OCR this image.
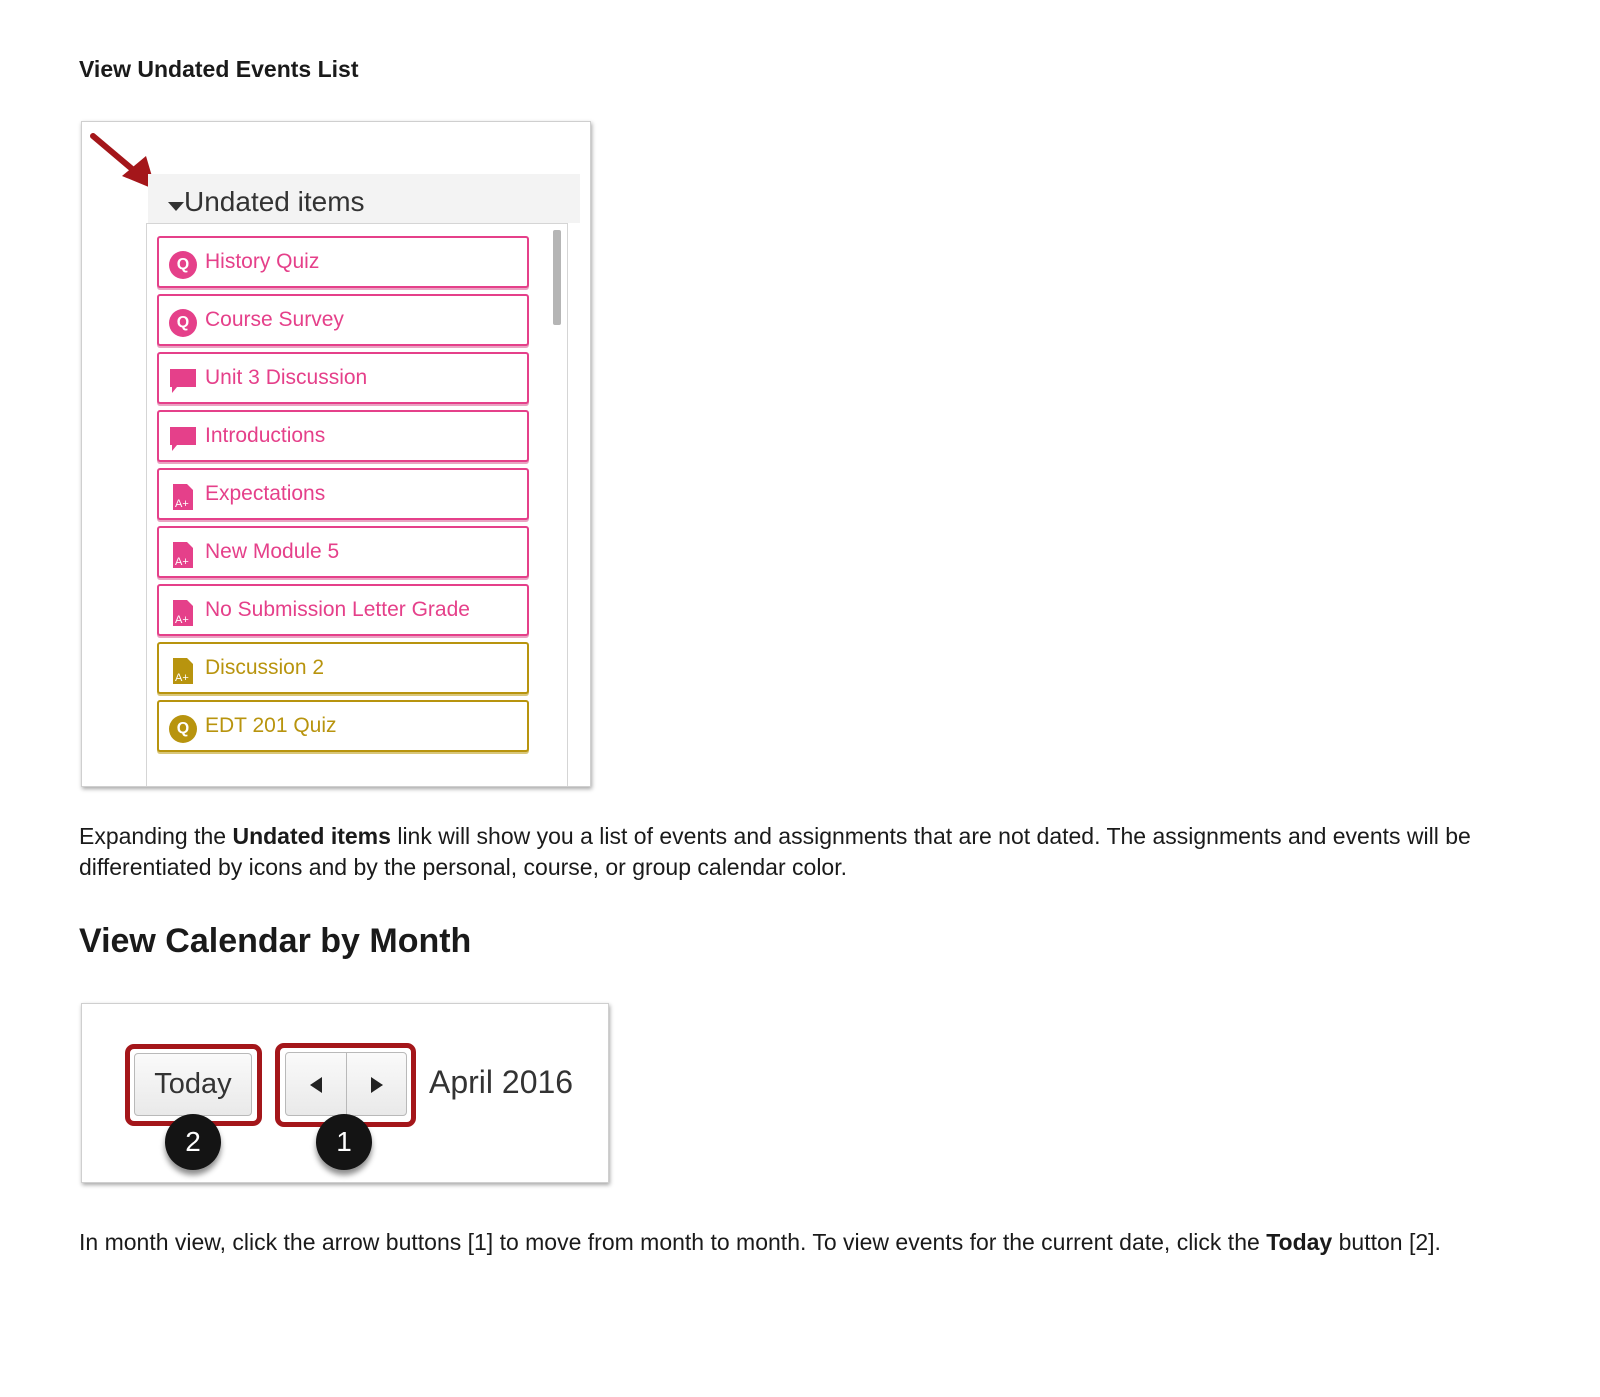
View Undated Events List
Undated items
Q History Quiz
Q Course Survey
Unit 3 Discussion
Introductions
A+ Expectations
A+ New Module 5
A+ No Submission Letter Grade
A+ Discussion 2
Q EDT 201 Quiz

Expanding the Undated items link will show you a list of events and assignments that are not dated. The assignments and events will be differentiated by icons and by the personal, course, or group calendar color.

View Calendar by Month
Today	April 2016
2	1

In month view, click the arrow buttons [1] to move from month to month. To view events for the current date, click the Today button [2].
